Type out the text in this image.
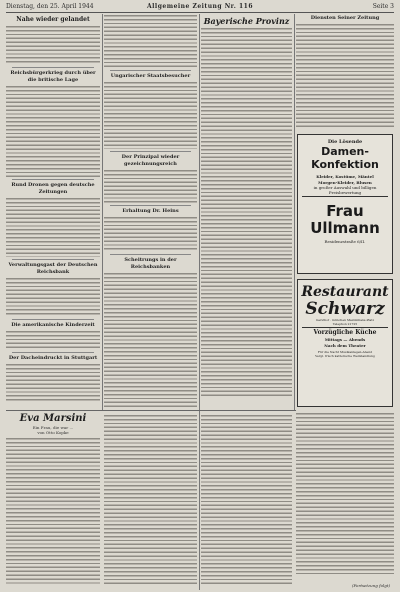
Dienstag, den 25. April 1944	Allgemeine Zeitung Nr. 116	Seite 3
Nahe wieder gelandet
Reichsbürgerkrieg durch über die britische Lage
Rund Dronen gegen deutsche Zeitungen
Verwaltungsgast der Deutschen Reichsbank
Die amerikanische Kinderzeit
Der Dacheindruckt in Stuttgart
Ungarischer Staatsbesucher
Der Prinzipal wieder gezeichnungsreich
Erhaltung Dr. Heins
Scheitrungs in der Reichsbanken
Bayerische Provinz	Diensten Seiner Zeitung
Die Lösende
Damen-
Konfektion
Kleider, Kostüme, Mäntel
Morgen-Kleider, Blusen
in großer Auswahl und billigen
Preisbewertung
Frau Ullmann
Residenzstraße 6/II.
Restaurant
Schwarz
Gersthof · münchen Maximilians-Platz
Telephon 21725
Vorzügliche Küche
Mittags — Abends
Nach dem Theater
Für die Nacht Musikanlagen-Abend
Vergl. frisch katholische Weinhandlung
Eva Marsini
Ein Frau, die war ...
von Otto Kopke
(Fortsetzung folgt)
